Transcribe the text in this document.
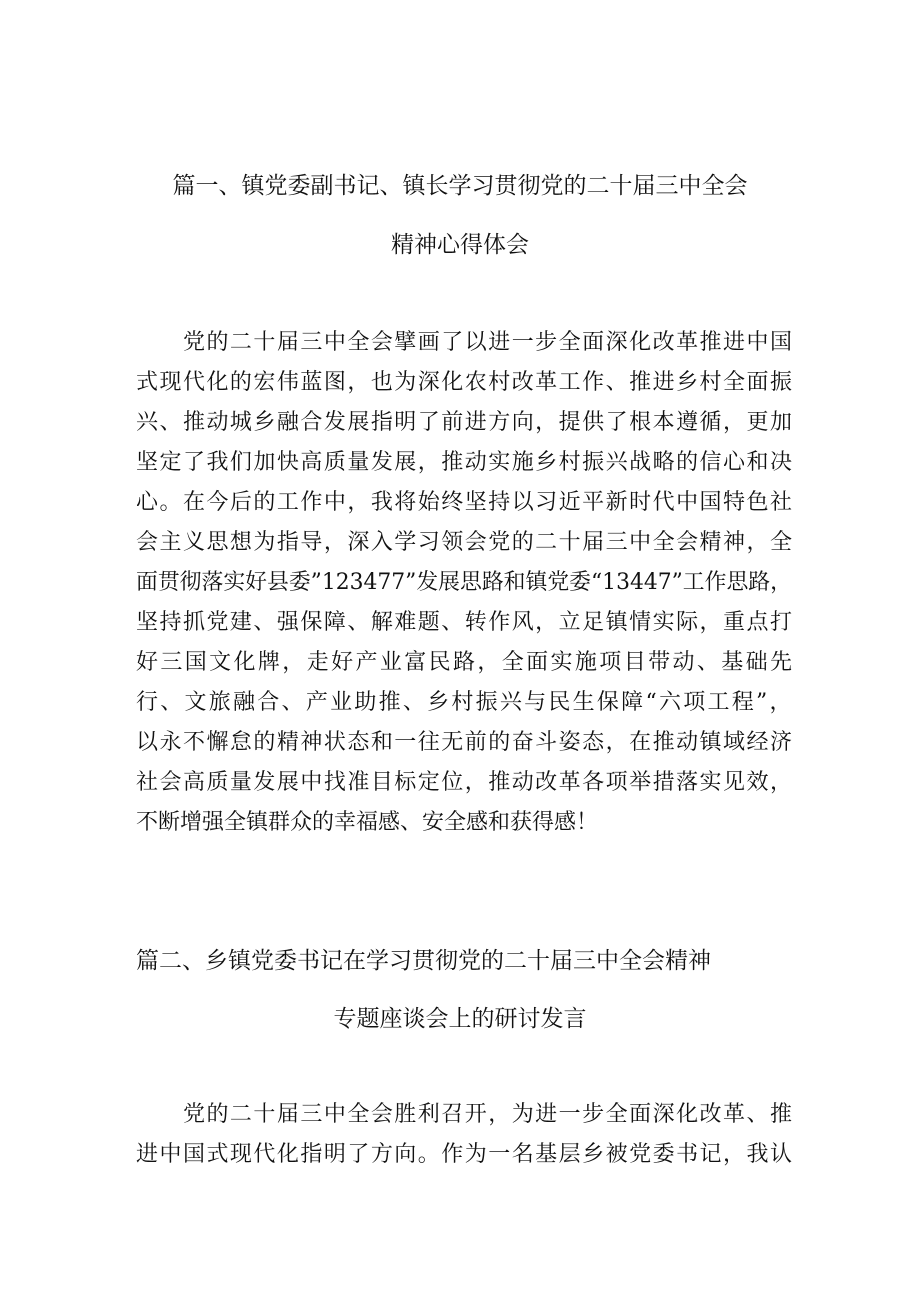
篇一、镇党委副书记、镇长学习贯彻党的二十届三中全会
精神心得体会
　　党的二十届三中全会擘画了以进一步全面深化改革推进中国
式现代化的宏伟蓝图，也为深化农村改革工作、推进乡村全面振
兴、推动城乡融合发展指明了前进方向，提供了根本遵循，更加
坚定了我们加快高质量发展，推动实施乡村振兴战略的信心和决
心。在今后的工作中，我将始终坚持以习近平新时代中国特色社
会主义思想为指导，深入学习领会党的二十届三中全会精神，全
面贯彻落实好县委”123477”发展思路和镇党委“13447”工作思路，
坚持抓党建、强保障、解难题、转作风，立足镇情实际，重点打
好三国文化牌，走好产业富民路，全面实施项目带动、基础先
行、文旅融合、产业助推、乡村振兴与民生保障“六项工程”，
以永不懈怠的精神状态和一往无前的奋斗姿态，在推动镇域经济
社会高质量发展中找准目标定位，推动改革各项举措落实见效，
不断增强全镇群众的幸福感、安全感和获得感！
篇二、乡镇党委书记在学习贯彻党的二十届三中全会精神
专题座谈会上的研讨发言
　　党的二十届三中全会胜利召开，为进一步全面深化改革、推
进中国式现代化指明了方向。作为一名基层乡被党委书记，我认
